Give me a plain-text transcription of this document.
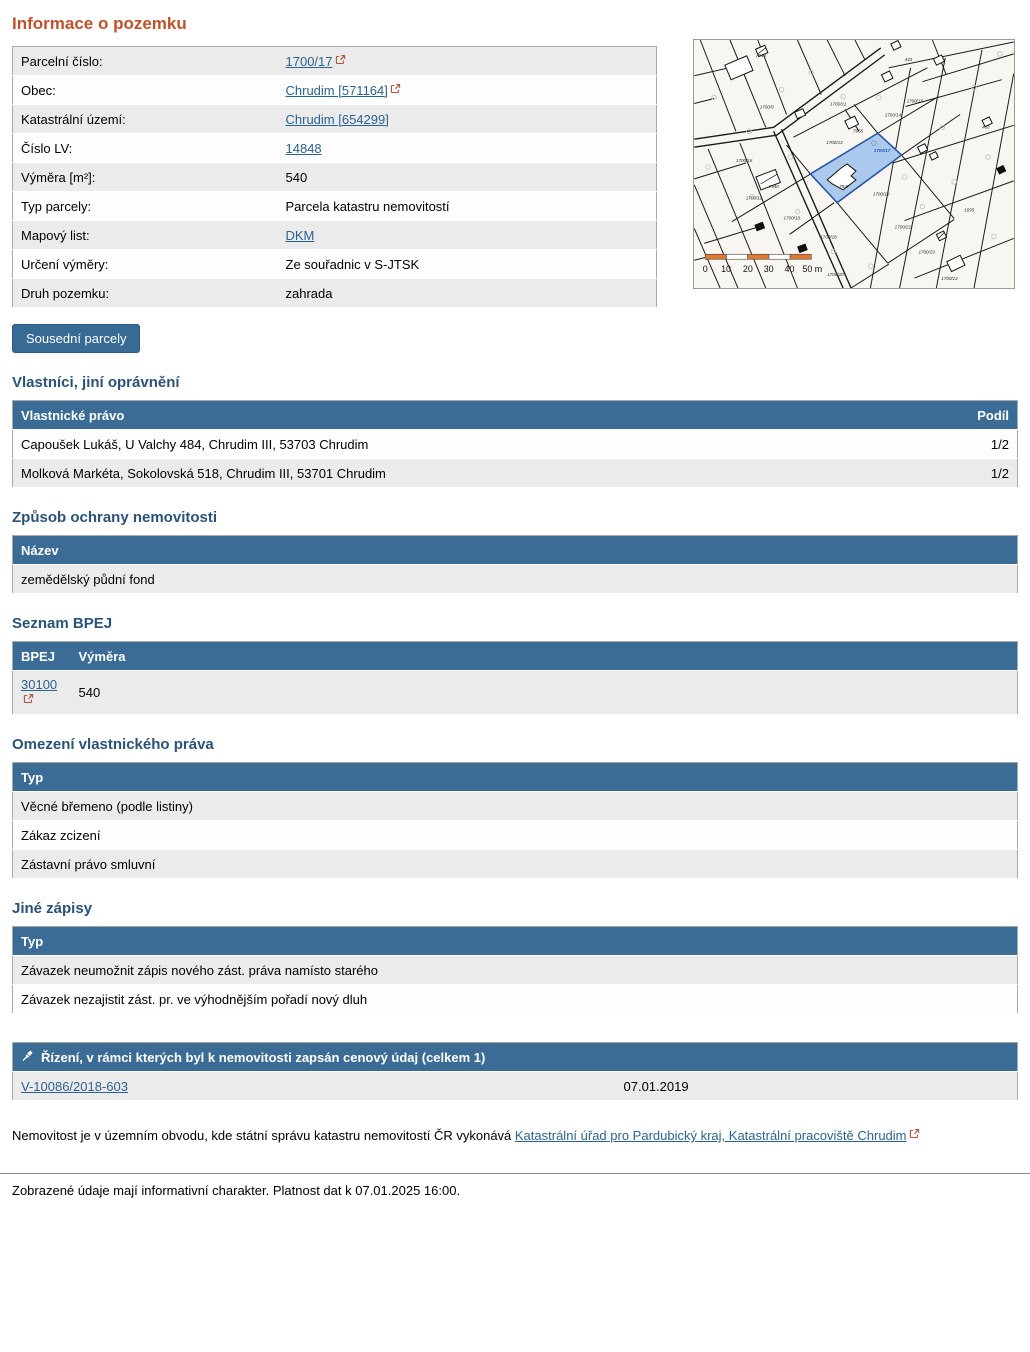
Informace o pozemku
Parcelní číslo:	1700/17
Obec:	Chrudim [571164]
Katastrální území:	Chrudim [654299]
Číslo LV:	14848
Výměra [m²]:	540
Typ parcely:	Parcela katastru nemovitostí
Mapový list:	DKM
Určení výměry:	Ze souřadnic v S-JTSK
Druh pozemku:	zahrada
7943
433
1700/9
1700/11
7965
1700/13
1700/14
1700/15
1700/17
7947
1700/16
7940
1700/12
1700/10
1700/19
1700/18
1700/21
1700/20
1700/23
1700/22
1695
463
0 10 20 30 40 50 m
Sousední parcely
Vlastníci, jiní oprávnění
Vlastnické právo	Podíl
Capoušek Lukáš, U Valchy 484, Chrudim III, 53703 Chrudim	1/2
Molková Markéta, Sokolovská 518, Chrudim III, 53701 Chrudim	1/2
Způsob ochrany nemovitosti
Název
zemědělský půdní fond
Seznam BPEJ
BPEJ	Výměra
30100	540
Omezení vlastnického práva
Typ
Věcné břemeno (podle listiny)
Zákaz zcizení
Zástavní právo smluvní
Jiné zápisy
Typ
Závazek neumožnit zápis nového zást. práva namísto starého
Závazek nezajistit zást. pr. ve výhodnějším pořadí nový dluh
Řízení, v rámci kterých byl k nemovitosti zapsán cenový údaj (celkem 1)

V-10086/2018-603	07.01.2019

Nemovitost je v územním obvodu, kde státní správu katastru nemovitostí ČR vykonává Katastrální úřad pro Pardubický kraj, Katastrální pracoviště Chrudim

Zobrazené údaje mají informativní charakter. Platnost dat k 07.01.2025 16:00.
